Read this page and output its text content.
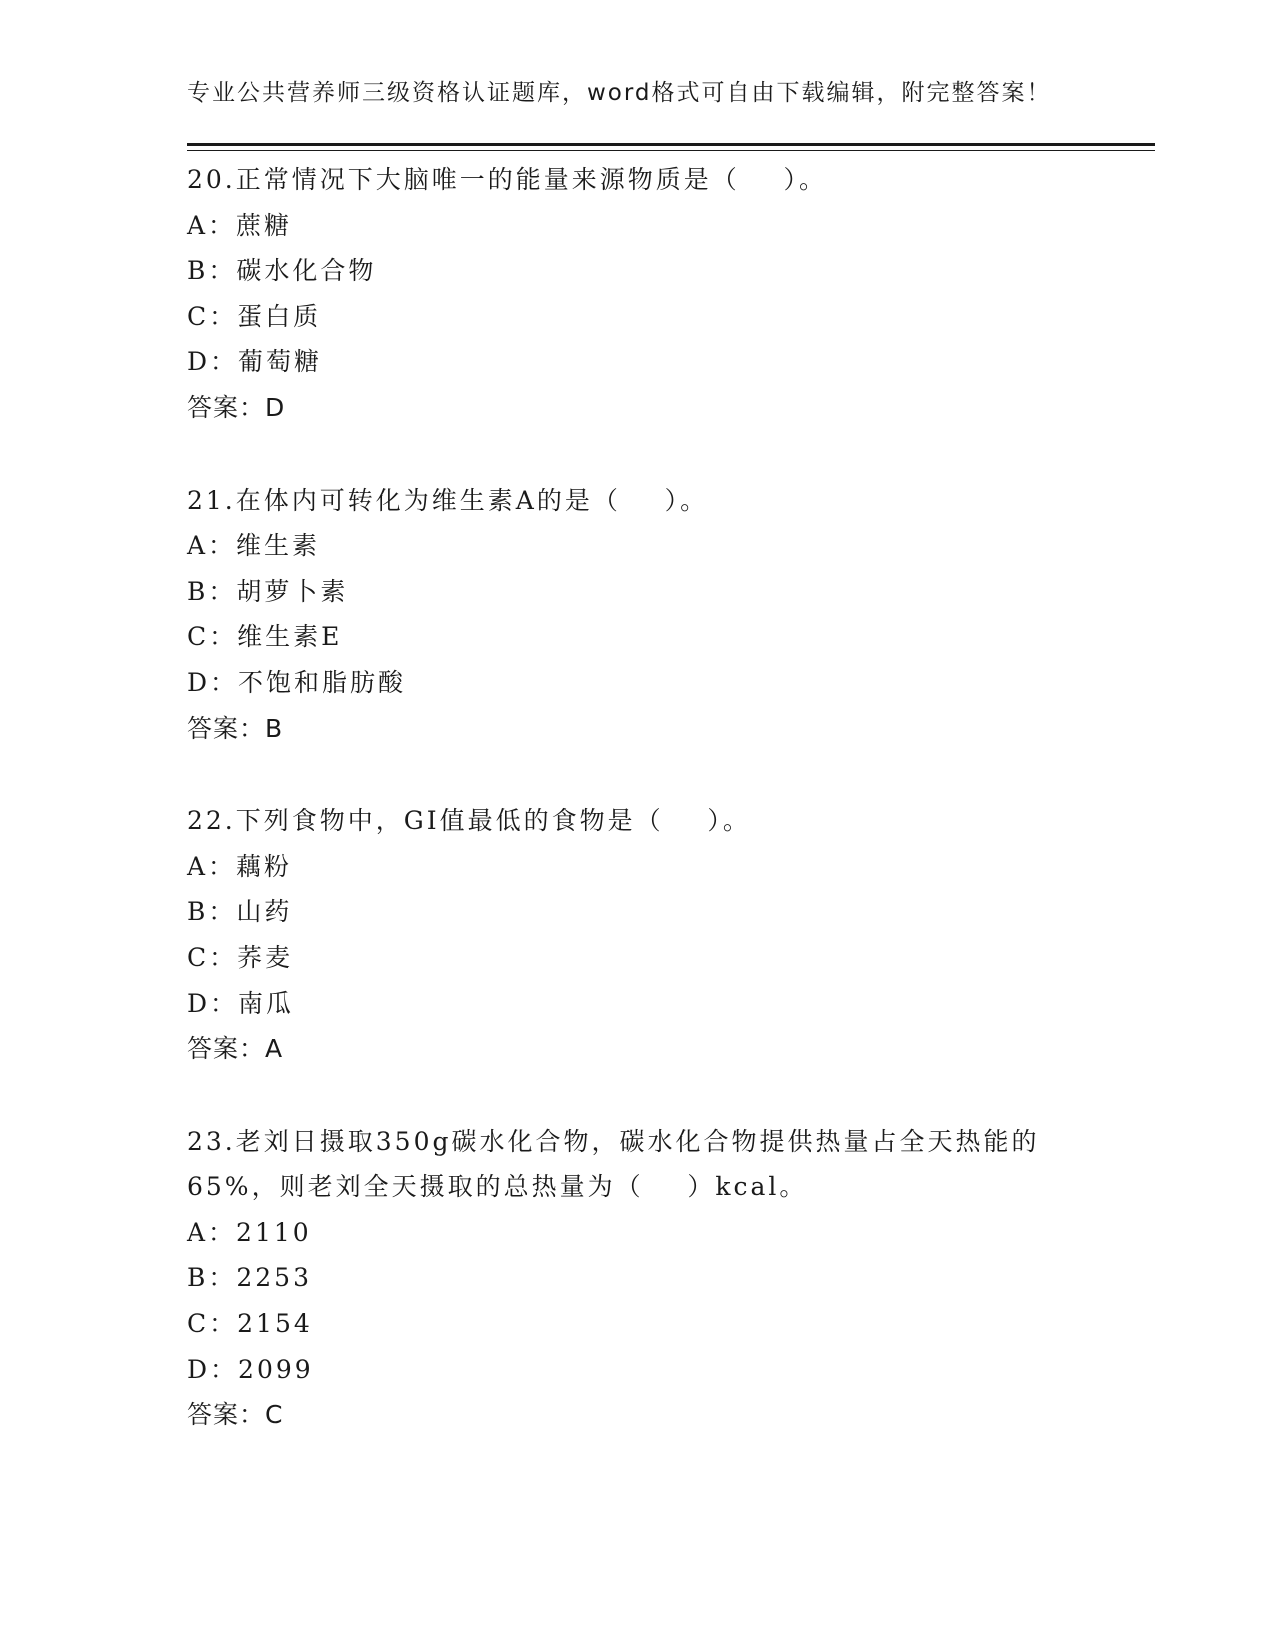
专业公共营养师三级资格认证题库，word格式可自由下载编辑，附完整答案！
20.正常情况下大脑唯一的能量来源物质是（    ）。
A：蔗糖
B：碳水化合物
C：蛋白质
D：葡萄糖
答案：D
21.在体内可转化为维生素A的是（    ）。
A：维生素
B：胡萝卜素
C：维生素E
D：不饱和脂肪酸
答案：B
22.下列食物中，GI值最低的食物是（    ）。
A：藕粉
B：山药
C：荞麦
D：南瓜
答案：A
23.老刘日摄取350g碳水化合物，碳水化合物提供热量占全天热能的
65%，则老刘全天摄取的总热量为（    ）kcal。
A：2110
B：2253
C：2154
D：2099
答案：C
